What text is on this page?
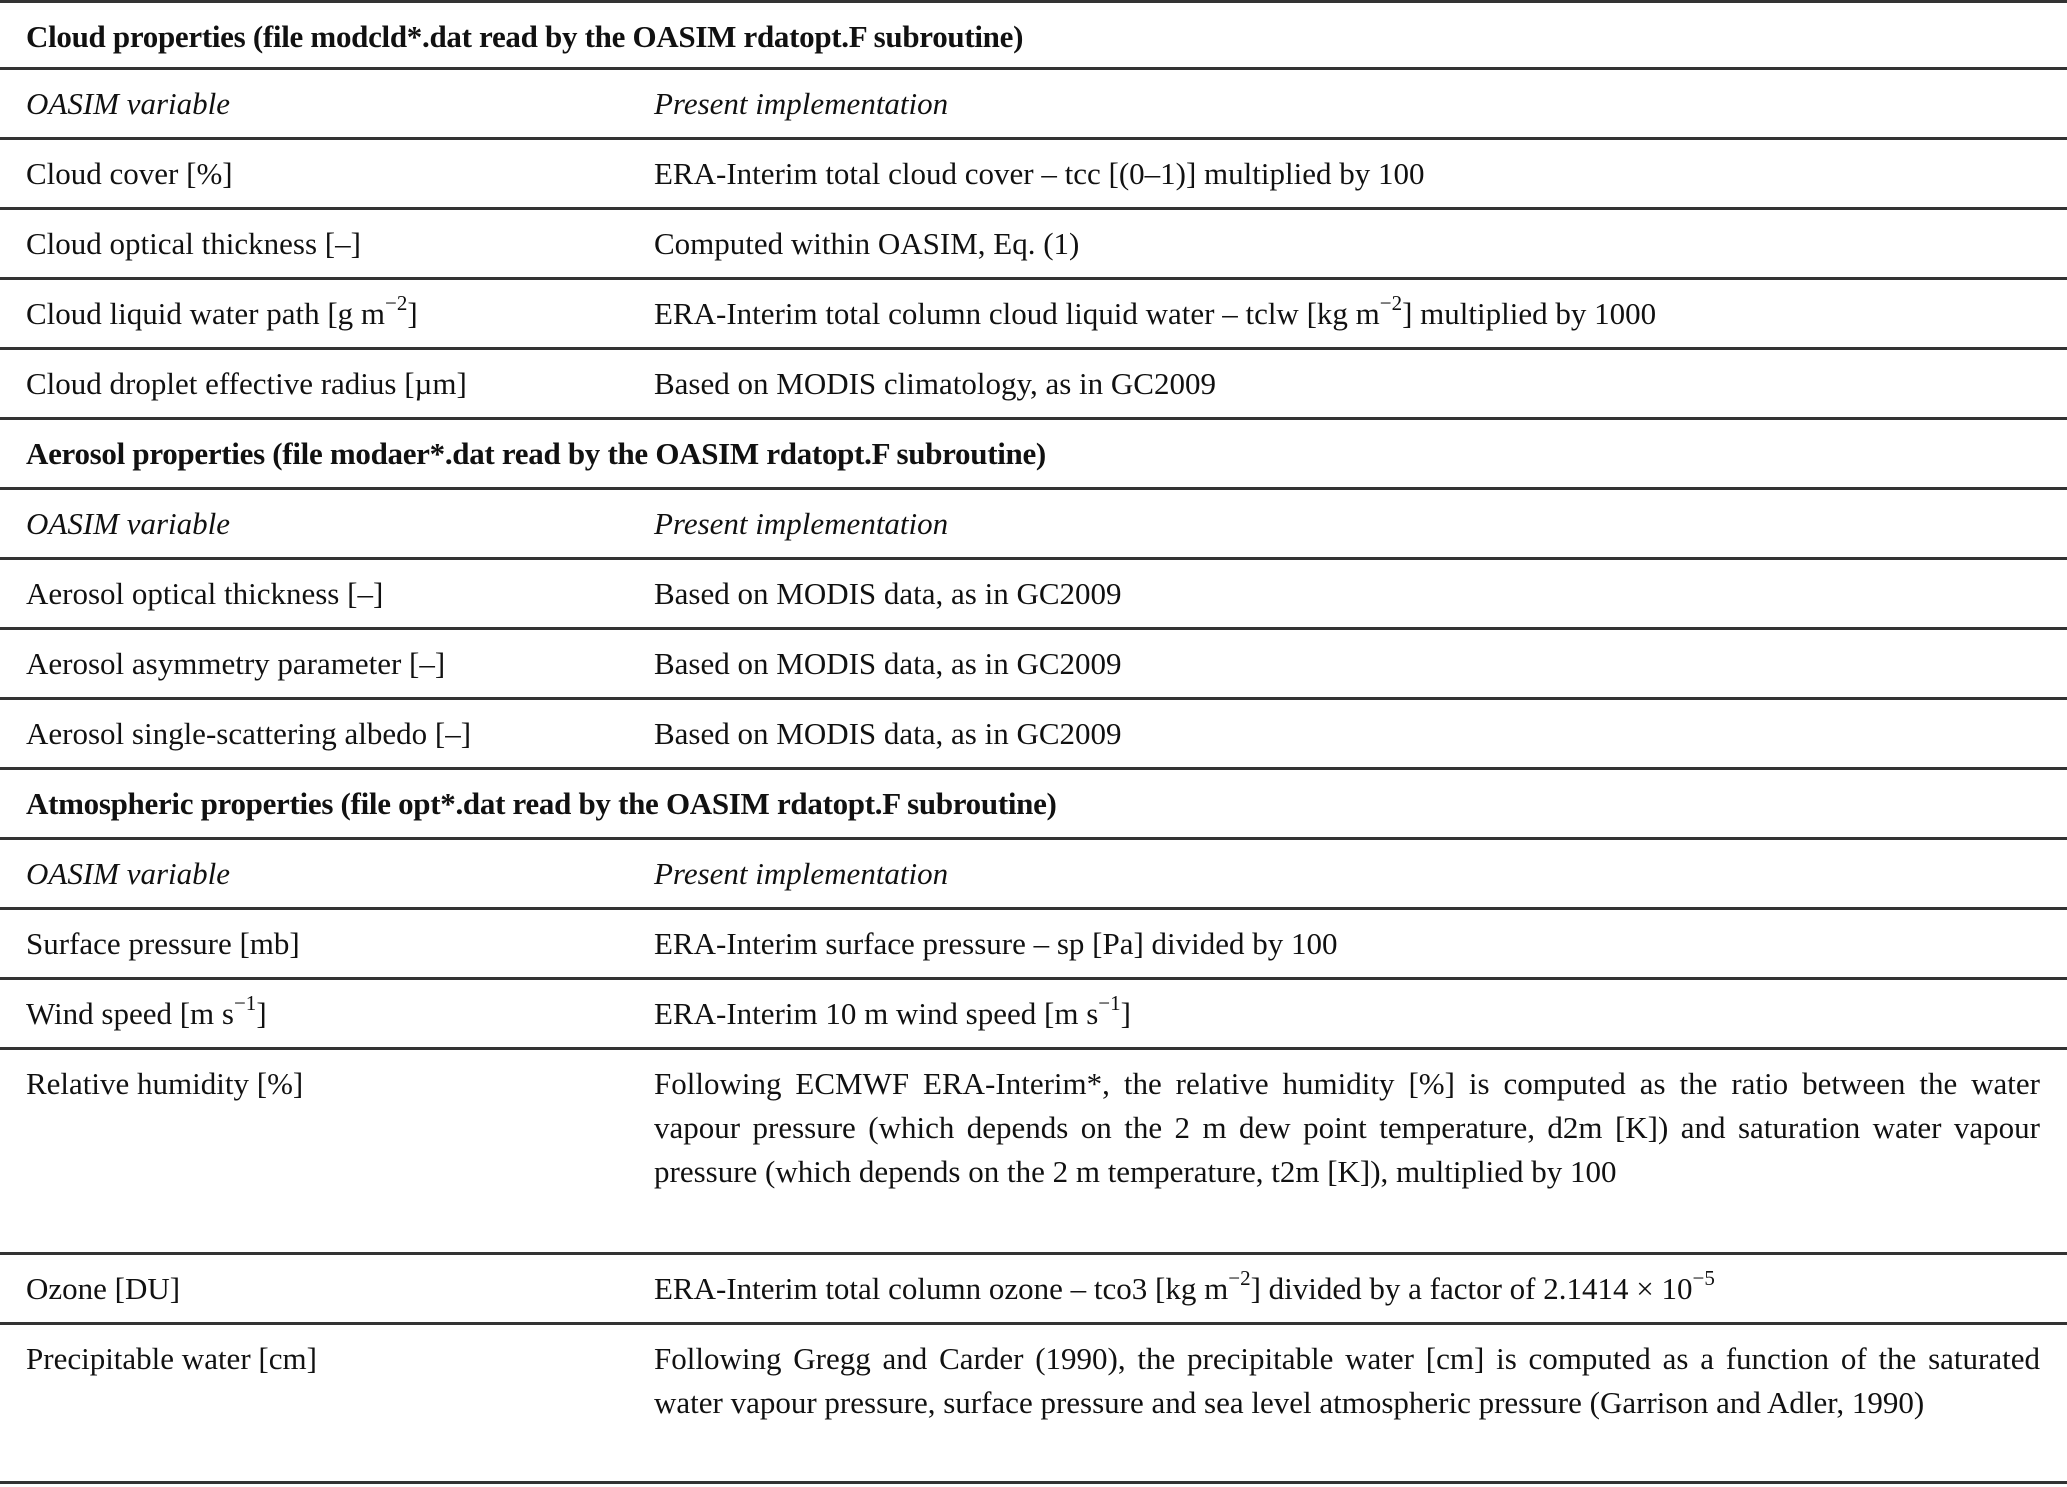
Cloud properties (file modcld*.dat read by the OASIM rdatopt.F subroutine)
OASIM variable	Present implementation
Cloud cover [%]	ERA-Interim total cloud cover – tcc [(0–1)] multiplied by 100
Cloud optical thickness [–]	Computed within OASIM, Eq. (1)
Cloud liquid water path [g $m^{-2}$]	ERA-Interim total column cloud liquid water – tclw [kg $m^{-2}$] multiplied by 1000
Cloud droplet effective radius [µm]	Based on MODIS climatology, as in GC2009
Aerosol properties (file modaer*.dat read by the OASIM rdatopt.F subroutine)
OASIM variable	Present implementation
Aerosol optical thickness [–]	Based on MODIS data, as in GC2009
Aerosol asymmetry parameter [–]	Based on MODIS data, as in GC2009
Aerosol single-scattering albedo [–]	Based on MODIS data, as in GC2009
Atmospheric properties (file opt*.dat read by the OASIM rdatopt.F subroutine)
OASIM variable	Present implementation
Surface pressure [mb]	ERA-Interim surface pressure – sp [Pa] divided by 100
Wind speed [m $s^{-1}$]	ERA-Interim 10 m wind speed [m $s^{-1}$]
Relative humidity [%]	Following ECMWF ERA-Interim*, the relative humidity [%] is computed as the ratio between the water vapour pressure (which depends on the 2 m dew point temperature, d2m [K]) and saturation water vapour pressure (which depends on the 2 m temperature, t2m [K]), multiplied by 100
Ozone [DU]	ERA-Interim total column ozone – tco3 [kg $m^{-2}$] divided by a factor of $2.1414 \times 10^{-5}$
Precipitable water [cm]	Following Gregg and Carder (1990), the precipitable water [cm] is computed as a function of the saturated water vapour pressure, surface pressure and sea level atmospheric pressure (Garrison and Adler, 1990)
